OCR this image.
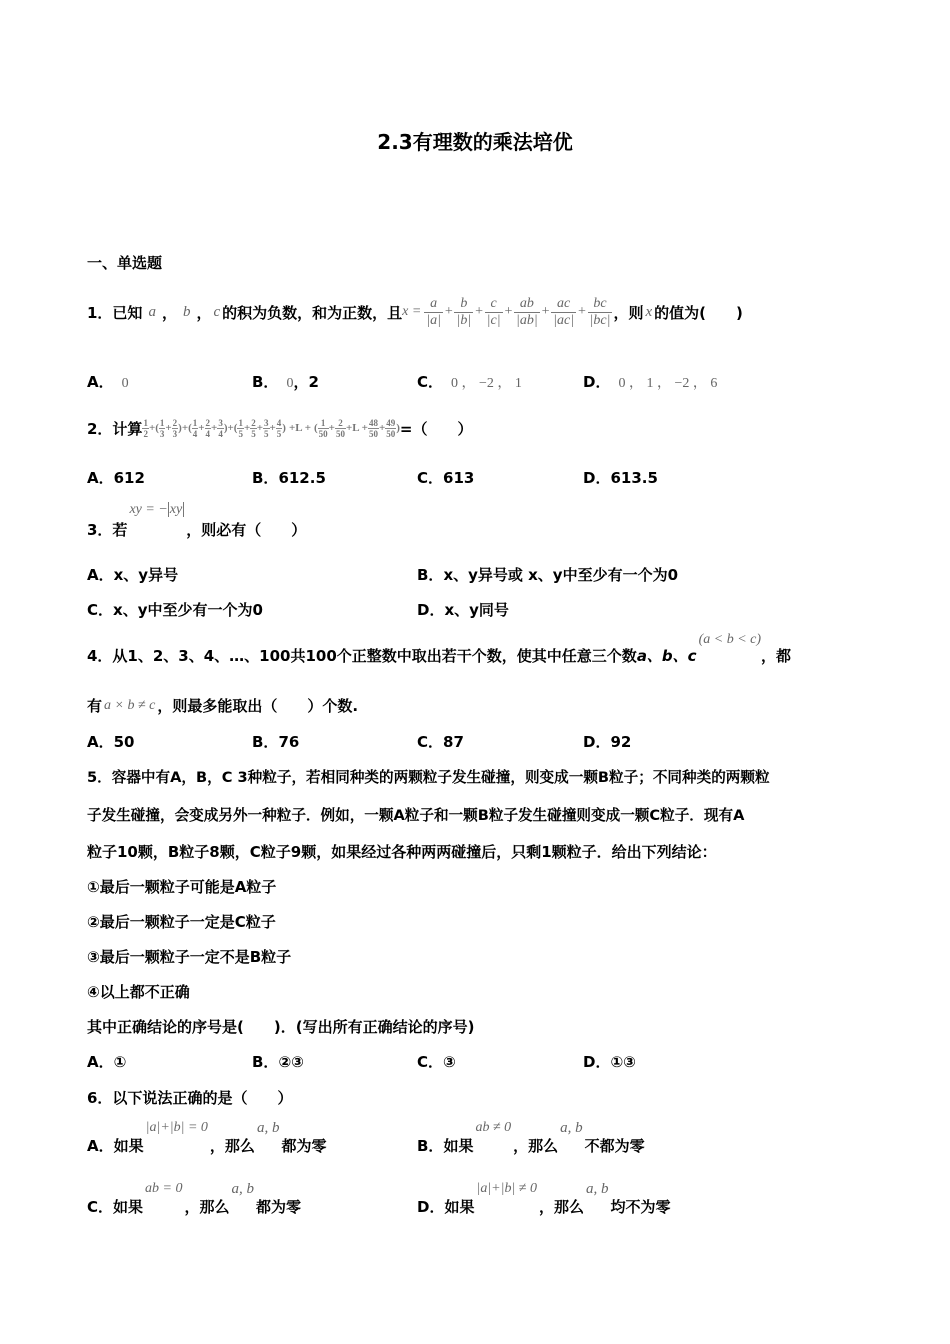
2.3有理数的乘法培优
一、单选题
1．已知 a ， b ， c 的积为负数，和为正数，且 $x = \frac{a}{|a|} + \frac{b}{|b|} + \frac{c}{|c|} + \frac{ab}{|ab|} + \frac{ac}{|ac|} + \frac{bc}{|bc|}$ ，则 x 的值为(　　)
A． 0	B． 0，2	C． 0 ， −2 ， 1	D． 0 ， 1 ， −2 ， 6
2．计算 1
2 +( 1
$3 + \frac{2}{3}$ )+( 1
$4 + \frac{2}{4} + \frac{3}{4}$ )+( 1
$5 + \frac{2}{5} + \frac{3}{5} + \frac{4}{5}$ ) +L + ( 1
$50 + \frac{2}{50} +L + \frac{48}{50} + \frac{49}{50}$ ) =（　　）
A．612	B．612.5	C．613	D．613.5
3．若
xy = − xy
，则必有（　　）
A．x、y异号	B．x、y异号或 x、y中至少有一个为0
C．x、y中至少有一个为0	D．x、y同号
4．从1、2、3、4、…、100共100个正整数中取出若干个数，使其中任意三个数 a、b、c
(a < b < c)
，都
有 a × b ≠ c ，则最多能取出（　　）个数.
A．50	B．76	C．87	D．92
5．容器中有A，B，C 3种粒子，若相同种类的两颗粒子发生碰撞，则变成一颗B粒子；不同种类的两颗粒
子发生碰撞，会变成另外一种粒子．例如，一颗A粒子和一颗B粒子发生碰撞则变成一颗C粒子．现有A
粒子10颗，B粒子8颗，C粒子9颗，如果经过各种两两碰撞后，只剩1颗粒子．给出下列结论：
①最后一颗粒子可能是A粒子
②最后一颗粒子一定是C粒子
③最后一颗粒子一定不是B粒子
④以上都不正确
其中正确结论的序号是(　　)．(写出所有正确结论的序号)
A．①	B．②③	C．③	D．①③
6．以下说法正确的是（　　）
A． 如果
|a|+|b| = 0
，那么
a, b
都为零	B． 如果
ab ≠ 0
，那么
a, b
不都为零
C． 如果
ab = 0
，那么
a, b
都为零	D． 如果
|a|+|b| ≠ 0
，那么
a, b
均不为零
